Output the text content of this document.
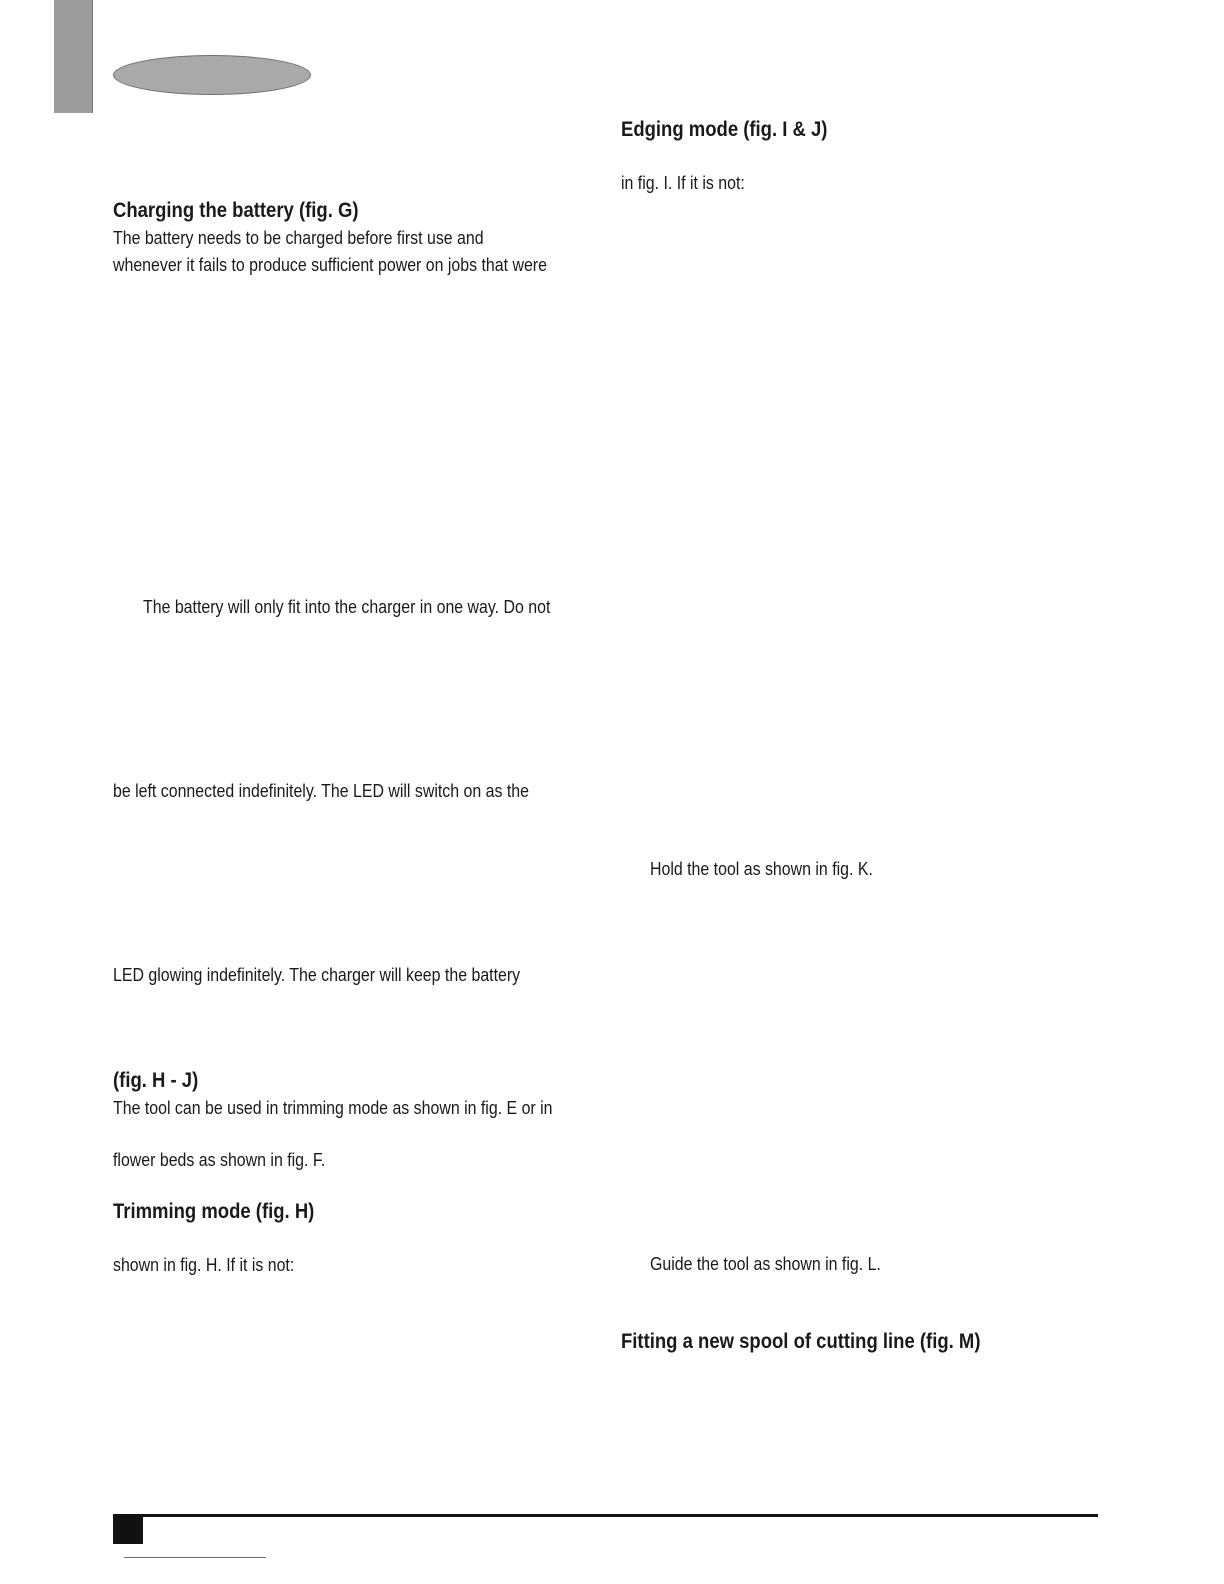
Charging the battery (fig. G)
The battery needs to be charged before first use and
whenever it fails to produce sufficient power on jobs that were
The battery will only fit into the charger in one way. Do not
be left connected indefinitely. The LED will switch on as the
LED glowing indefinitely. The charger will keep the battery
(fig. H - J)
The tool can be used in trimming mode as shown in fig. E or in
flower beds as shown in fig. F.
Trimming mode (fig. H)
shown in fig. H. If it is not:
Edging mode (fig. I & J)
in fig. I. If it is not:
Hold the tool as shown in fig. K.
Guide the tool as shown in fig. L.
Fitting a new spool of cutting line (fig. M)
